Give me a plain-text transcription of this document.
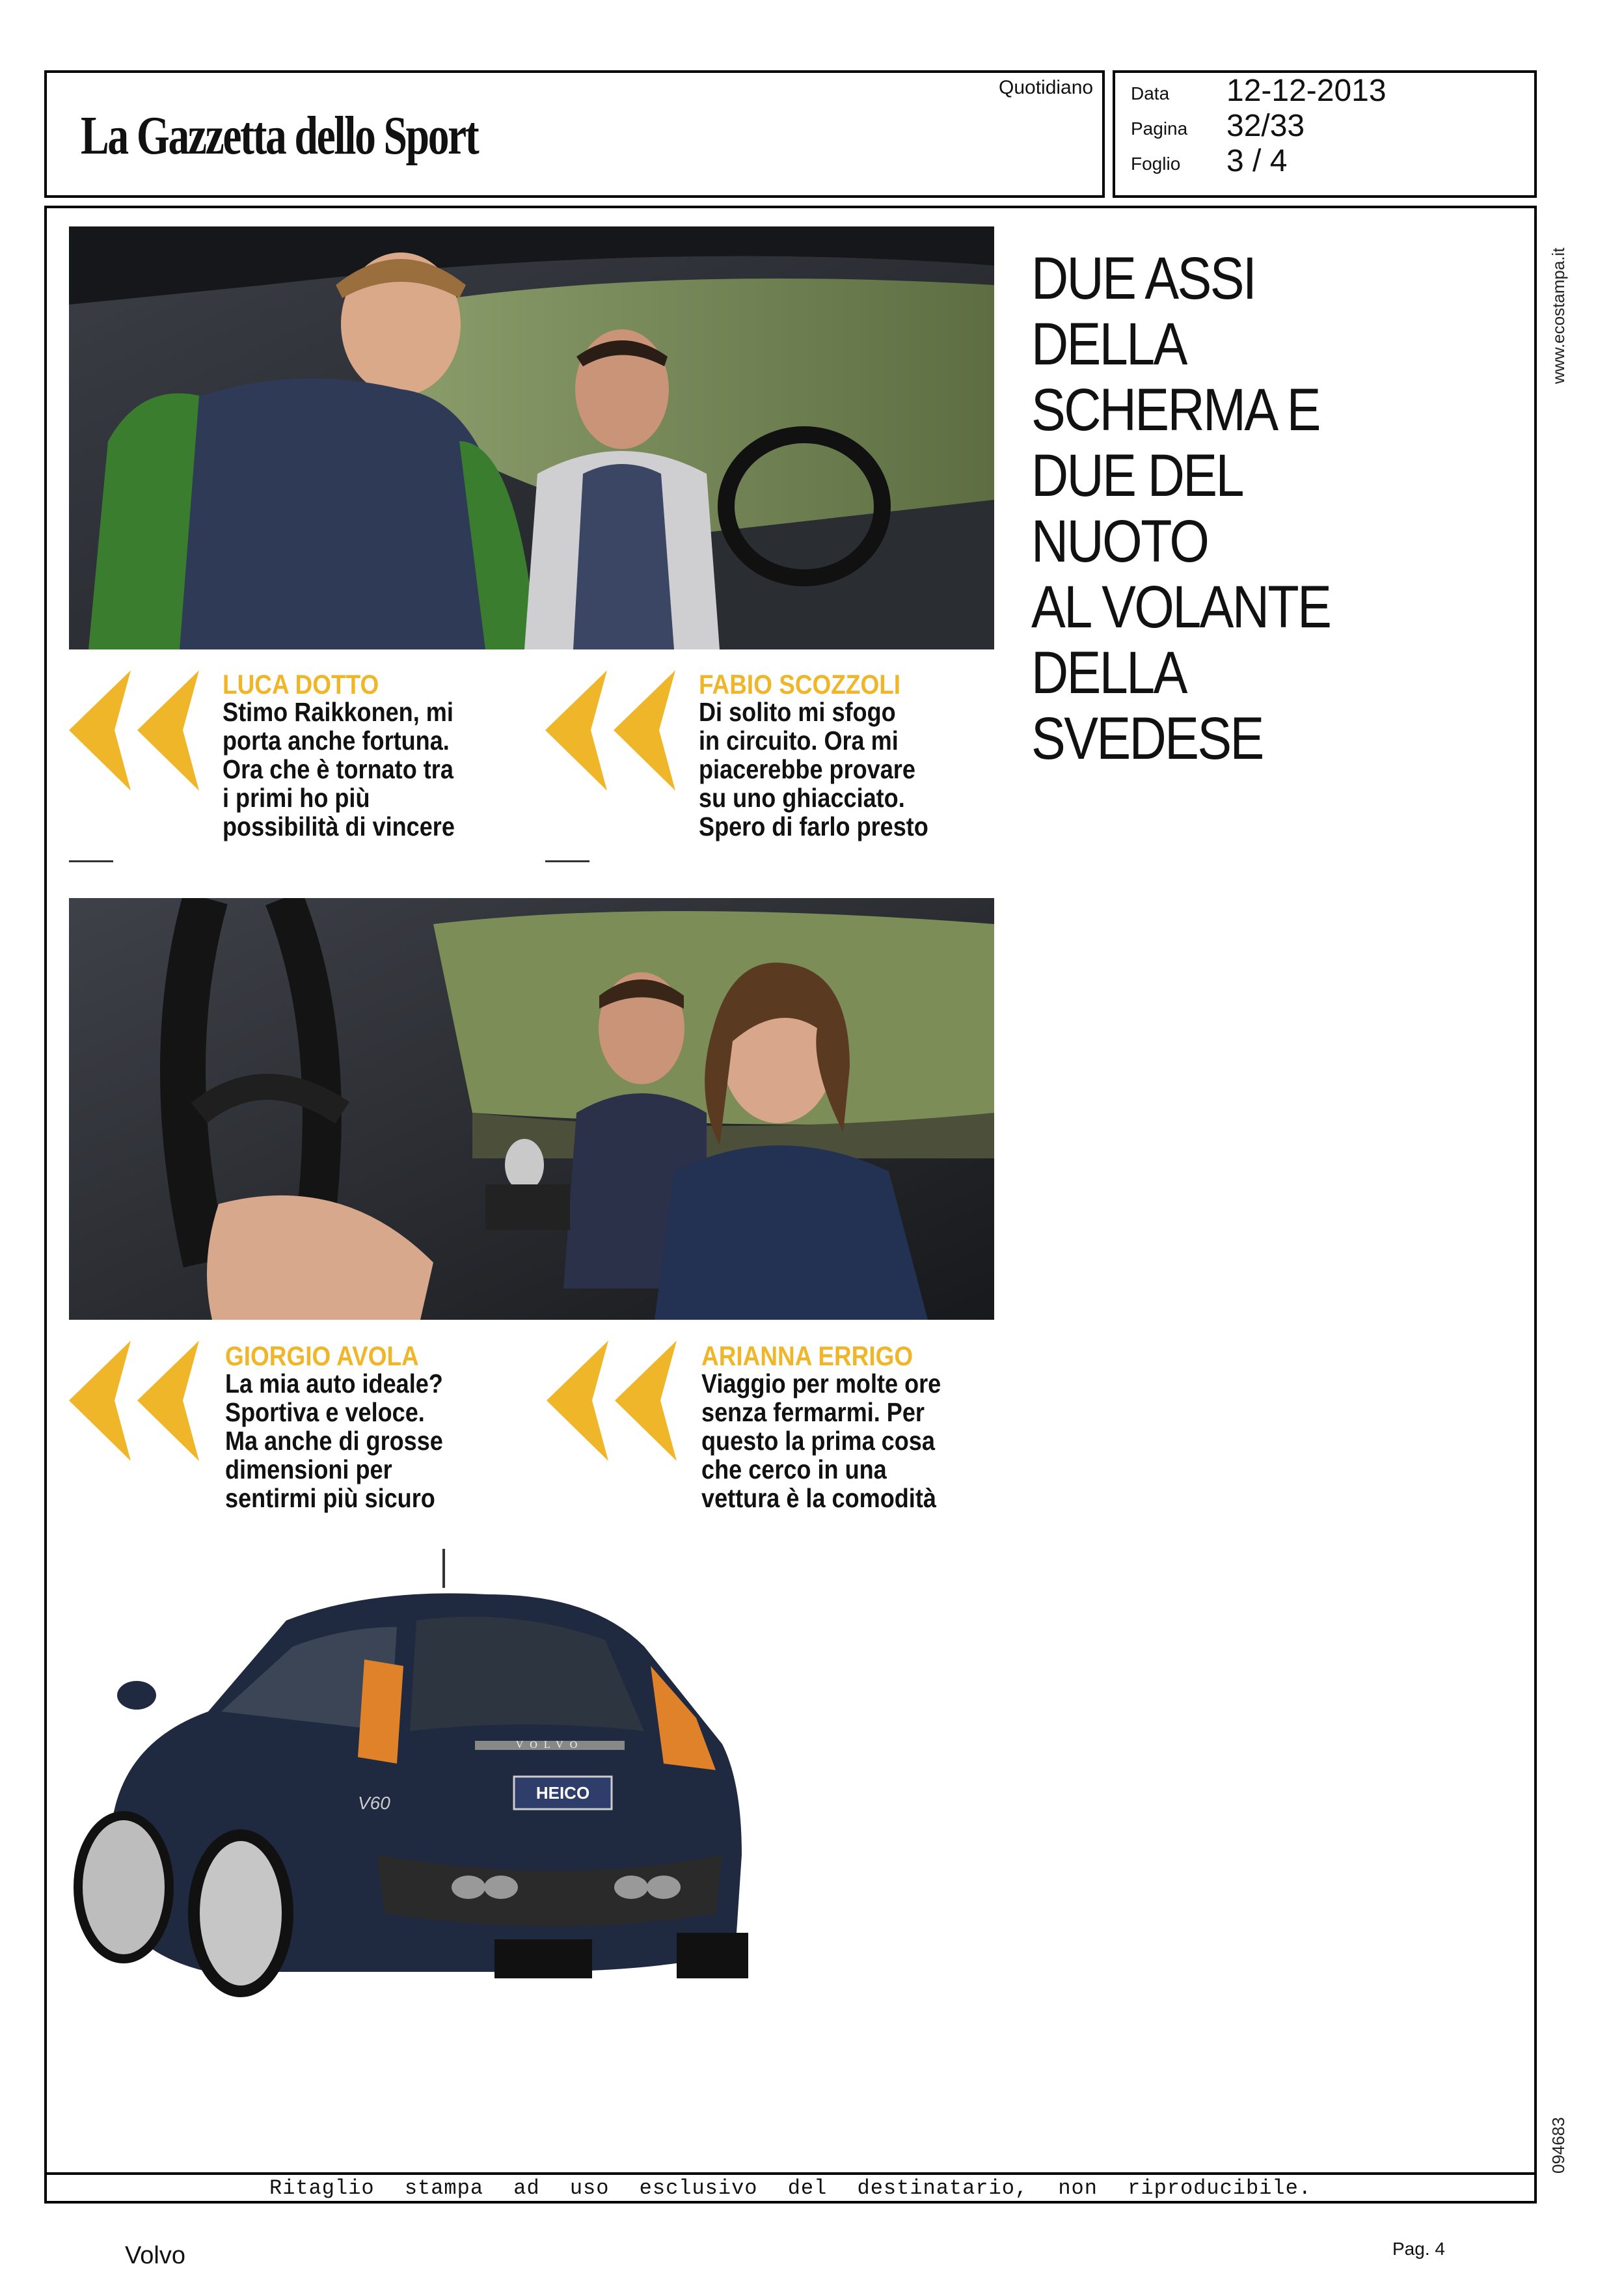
La Gazzetta dello Sport
Quotidiano Data 12-12-2013
Pagina 32/33
Foglio 3 / 4
Ritaglio stampa ad uso esclusivo del destinatario, non riproducibile.
www.ecostampa.it
094683
LUCA DOTTO
Stimo Raikkonen, mi
porta anche fortuna.
Ora che è tornato tra
i primi ho più
possibilità di vincere
FABIO SCOZZOLI
Di solito mi sfogo
in circuito. Ora mi
piacerebbe provare
su uno ghiacciato.
Spero di farlo presto
GIORGIO AVOLA
La mia auto ideale?
Sportiva e veloce.
Ma anche di grosse
dimensioni per
sentirmi più sicuro
ARIANNA ERRIGO
Viaggio per molte ore
senza fermarmi. Per
questo la prima cosa
che cerco in una
vettura è la comodità
VOLVO
HEICO
V60
DUE ASSI
DELLA
SCHERMA E
DUE DEL
NUOTO
AL VOLANTE
DELLA
SVEDESE
Volvo	Pag. 4
